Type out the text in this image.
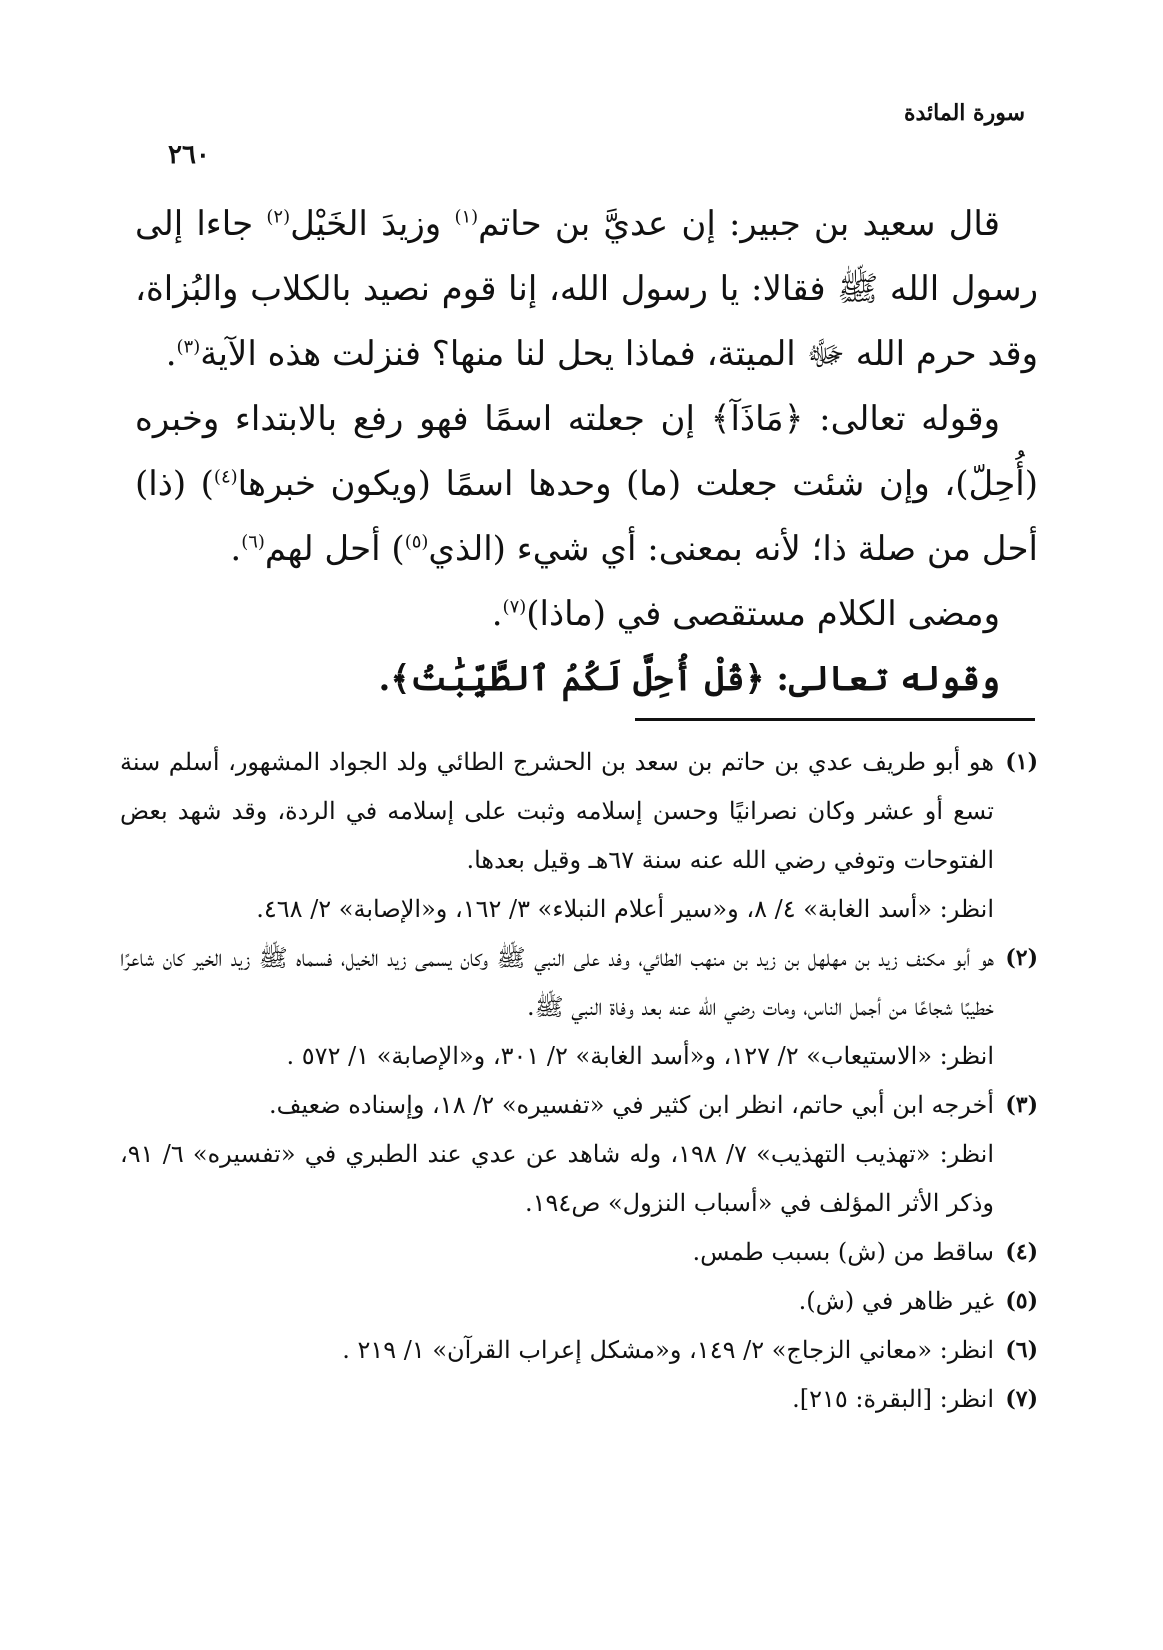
سورة المائدة
٢٦٠

قال سعيد بن جبير: إن عديَّ بن حاتم$^{(١)}$ وزيدَ الخَيْل$^{(٢)}$ جاءا إلى رسول الله ﷺ فقالا: يا رسول الله، إنا قوم نصيد بالكلاب والبُزاة، وقد حرم الله ﷻ الميتة، فماذا يحل لنا منها؟ فنزلت هذه الآية$^{(٣)}$.

وقوله تعالى: ﴿مَاذَآ﴾ إن جعلته اسمًا فهو رفع بالابتداء وخبره (أُحِلّ)، وإن شئت جعلت (ما) وحدها اسمًا (ويكون خبرها$^{(٤)}$) (ذا) أحل من صلة ذا؛ لأنه بمعنى: أي شيء (الذي$^{(٥)}$) أحل لهم$^{(٦)}$.

ومضى الكلام مستقصى في (ماذا)$^{(٧)}$.

وقوله تعالى: ﴿قُلْ أُحِلَّ لَكُمُ ٱلطَّيِّبَٰتُ﴾.

(١)

هو أبو طريف عدي بن حاتم بن سعد بن الحشرج الطائي ولد الجواد المشهور، أسلم سنة تسع أو عشر وكان نصرانيًا وحسن إسلامه وثبت على إسلامه في الردة، وقد شهد بعض الفتوحات وتوفي رضي الله عنه سنة ٦٧هـ وقيل بعدها.

انظر: «أسد الغابة» ٤/ ٨، و«سير أعلام النبلاء» ٣/ ١٦٢، و«الإصابة» ٢/ ٤٦٨.

(٢)

هو أبو مكنف زيد بن مهلهل بن زيد بن منهب الطائي، وفد على النبي ﷺ وكان يسمى زيد الخيل، فسماه ﷺ زيد الخير كان شاعرًا خطيبًا شجاعًا من أجمل الناس، ومات رضي الله عنه بعد وفاة النبي ﷺ.

انظر: «الاستيعاب» ٢/ ١٢٧، و«أسد الغابة» ٢/ ٣٠١، و«الإصابة» ١/ ٥٧٢ .

(٣)

أخرجه ابن أبي حاتم، انظر ابن كثير في «تفسيره» ٢/ ١٨، وإسناده ضعيف.

انظر: «تهذيب التهذيب» ٧/ ١٩٨، وله شاهد عن عدي عند الطبري في «تفسيره» ٦/ ٩١، وذكر الأثر المؤلف في «أسباب النزول» ص١٩٤.

(٤)

ساقط من (ش) بسبب طمس.

(٥)

غير ظاهر في (ش).

(٦)

انظر: «معاني الزجاج» ٢/ ١٤٩، و«مشكل إعراب القرآن» ١/ ٢١٩ .

(٧)

انظر: [البقرة: ٢١٥].
